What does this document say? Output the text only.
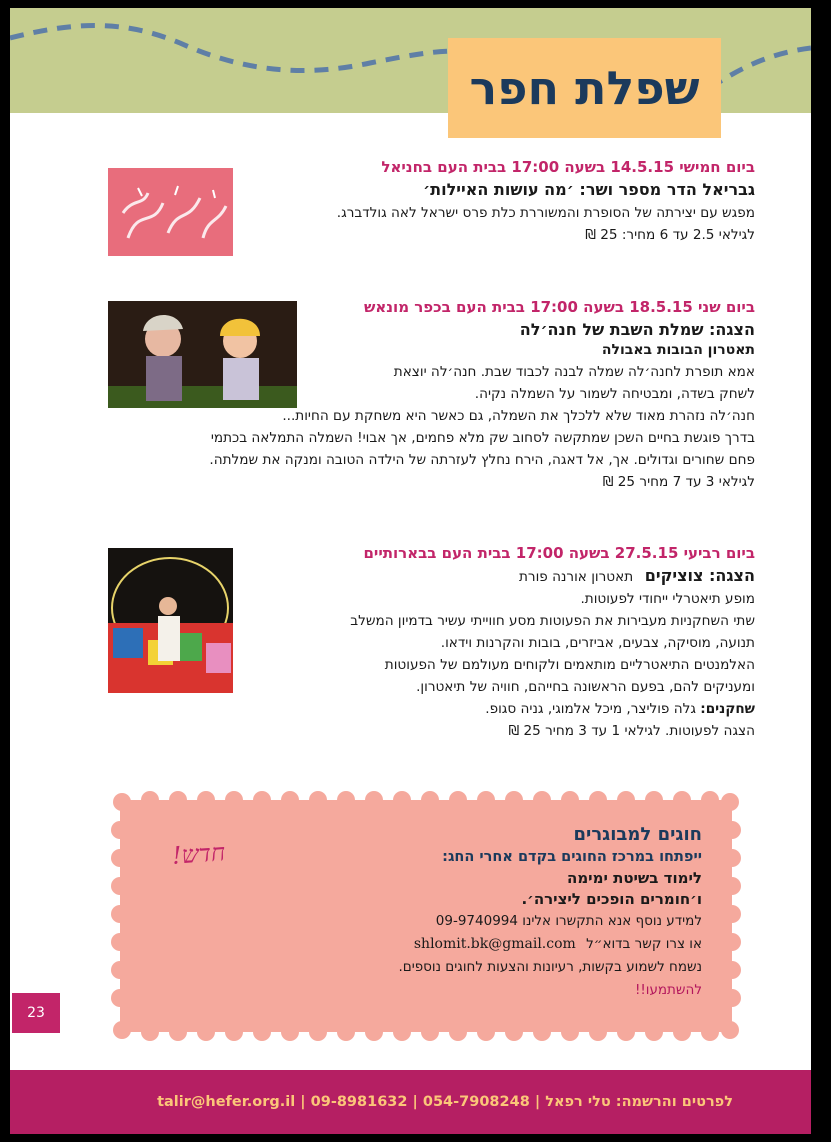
שפלת חפר
ביום חמישי 14.5.15 בשעה 17:00 בבית העם בחניאל
גבריאל הדר מספר ושר: ׳מה עושות האיילות׳
מפגש עם יצירתה של הסופרת והמשוררת כלת פרס ישראל לאה גולדברג.
לגילאי 2.5 עד 6 מחיר: 25 ₪
ביום שני 18.5.15 בשעה 17:00 בבית העם בכפר מונאש
הצגה: שמלת השבת של חנה׳לה
תאטרון הבובות באבולה
אמא תופרת לחנה׳לה שמלה לבנה לכבוד שבת. חנה׳לה יוצאת
לשחק בשדה, ומבטיחה לשמור על השמלה נקיה.
חנה׳לה נזהרת מאוד שלא ללכלך את השמלה, גם כאשר היא משחקת עם החיות...
בדרך פוגשת בחיים השכן שמתקשה לסחוב שק מלא פחמים, אך אבוי! השמלה התמלאה בכתמי
פחם שחורים וגדולים. אך, אל דאגה, הירח נחלץ לעזרתה של הילדה הטובה ומנקה את שמלתה.
לגילאי 3 עד 7 מחיר 25 ₪
ביום רביעי 27.5.15 בשעה 17:00 בבית העם בבארותיים
הצגה: צוציקים תאטרון אורנה פורת
מופע תיאטרלי ייחודי לפעוטות.
שתי השחקניות מעבירות את הפעוטות מסע חווייתי עשיר בדמיון המשלב
תנועה, מוסיקה, צבעים, אביזרים, בובות והקרנות וידאו.
האלמנטים התיאטרליים מותאמים ולקוחים מעולמם של הפעוטות
ומעניקים להם, בפעם הראשונה בחייהם, חוויה של תיאטרון.
שחקנים: גלה פוליצר, מיכל אלמוגי, גניה סגופ.
הצגה לפעוטות. לגילאי 1 עד 3 מחיר 25 ₪
חדש!
חוגים למבוגרים
ייפתחו במרכז החוגים בקדם אחרי החג:
לימוד בשיטת ימימה
ו׳חומרים הופכים ליצירה׳.
למידע נוסף אנא התקשרו אלינו 09-9740994
או צרו קשר בדוא״ל shlomit.bk@gmail.com
נשמח לשמוע בקשות, רעיונות והצעות לחוגים נוספים.
להשתמעו!!
23
לפרטים והרשמה: טלי רפאל | 054-7908248 | 09-8981632 | talir@hefer.org.il
